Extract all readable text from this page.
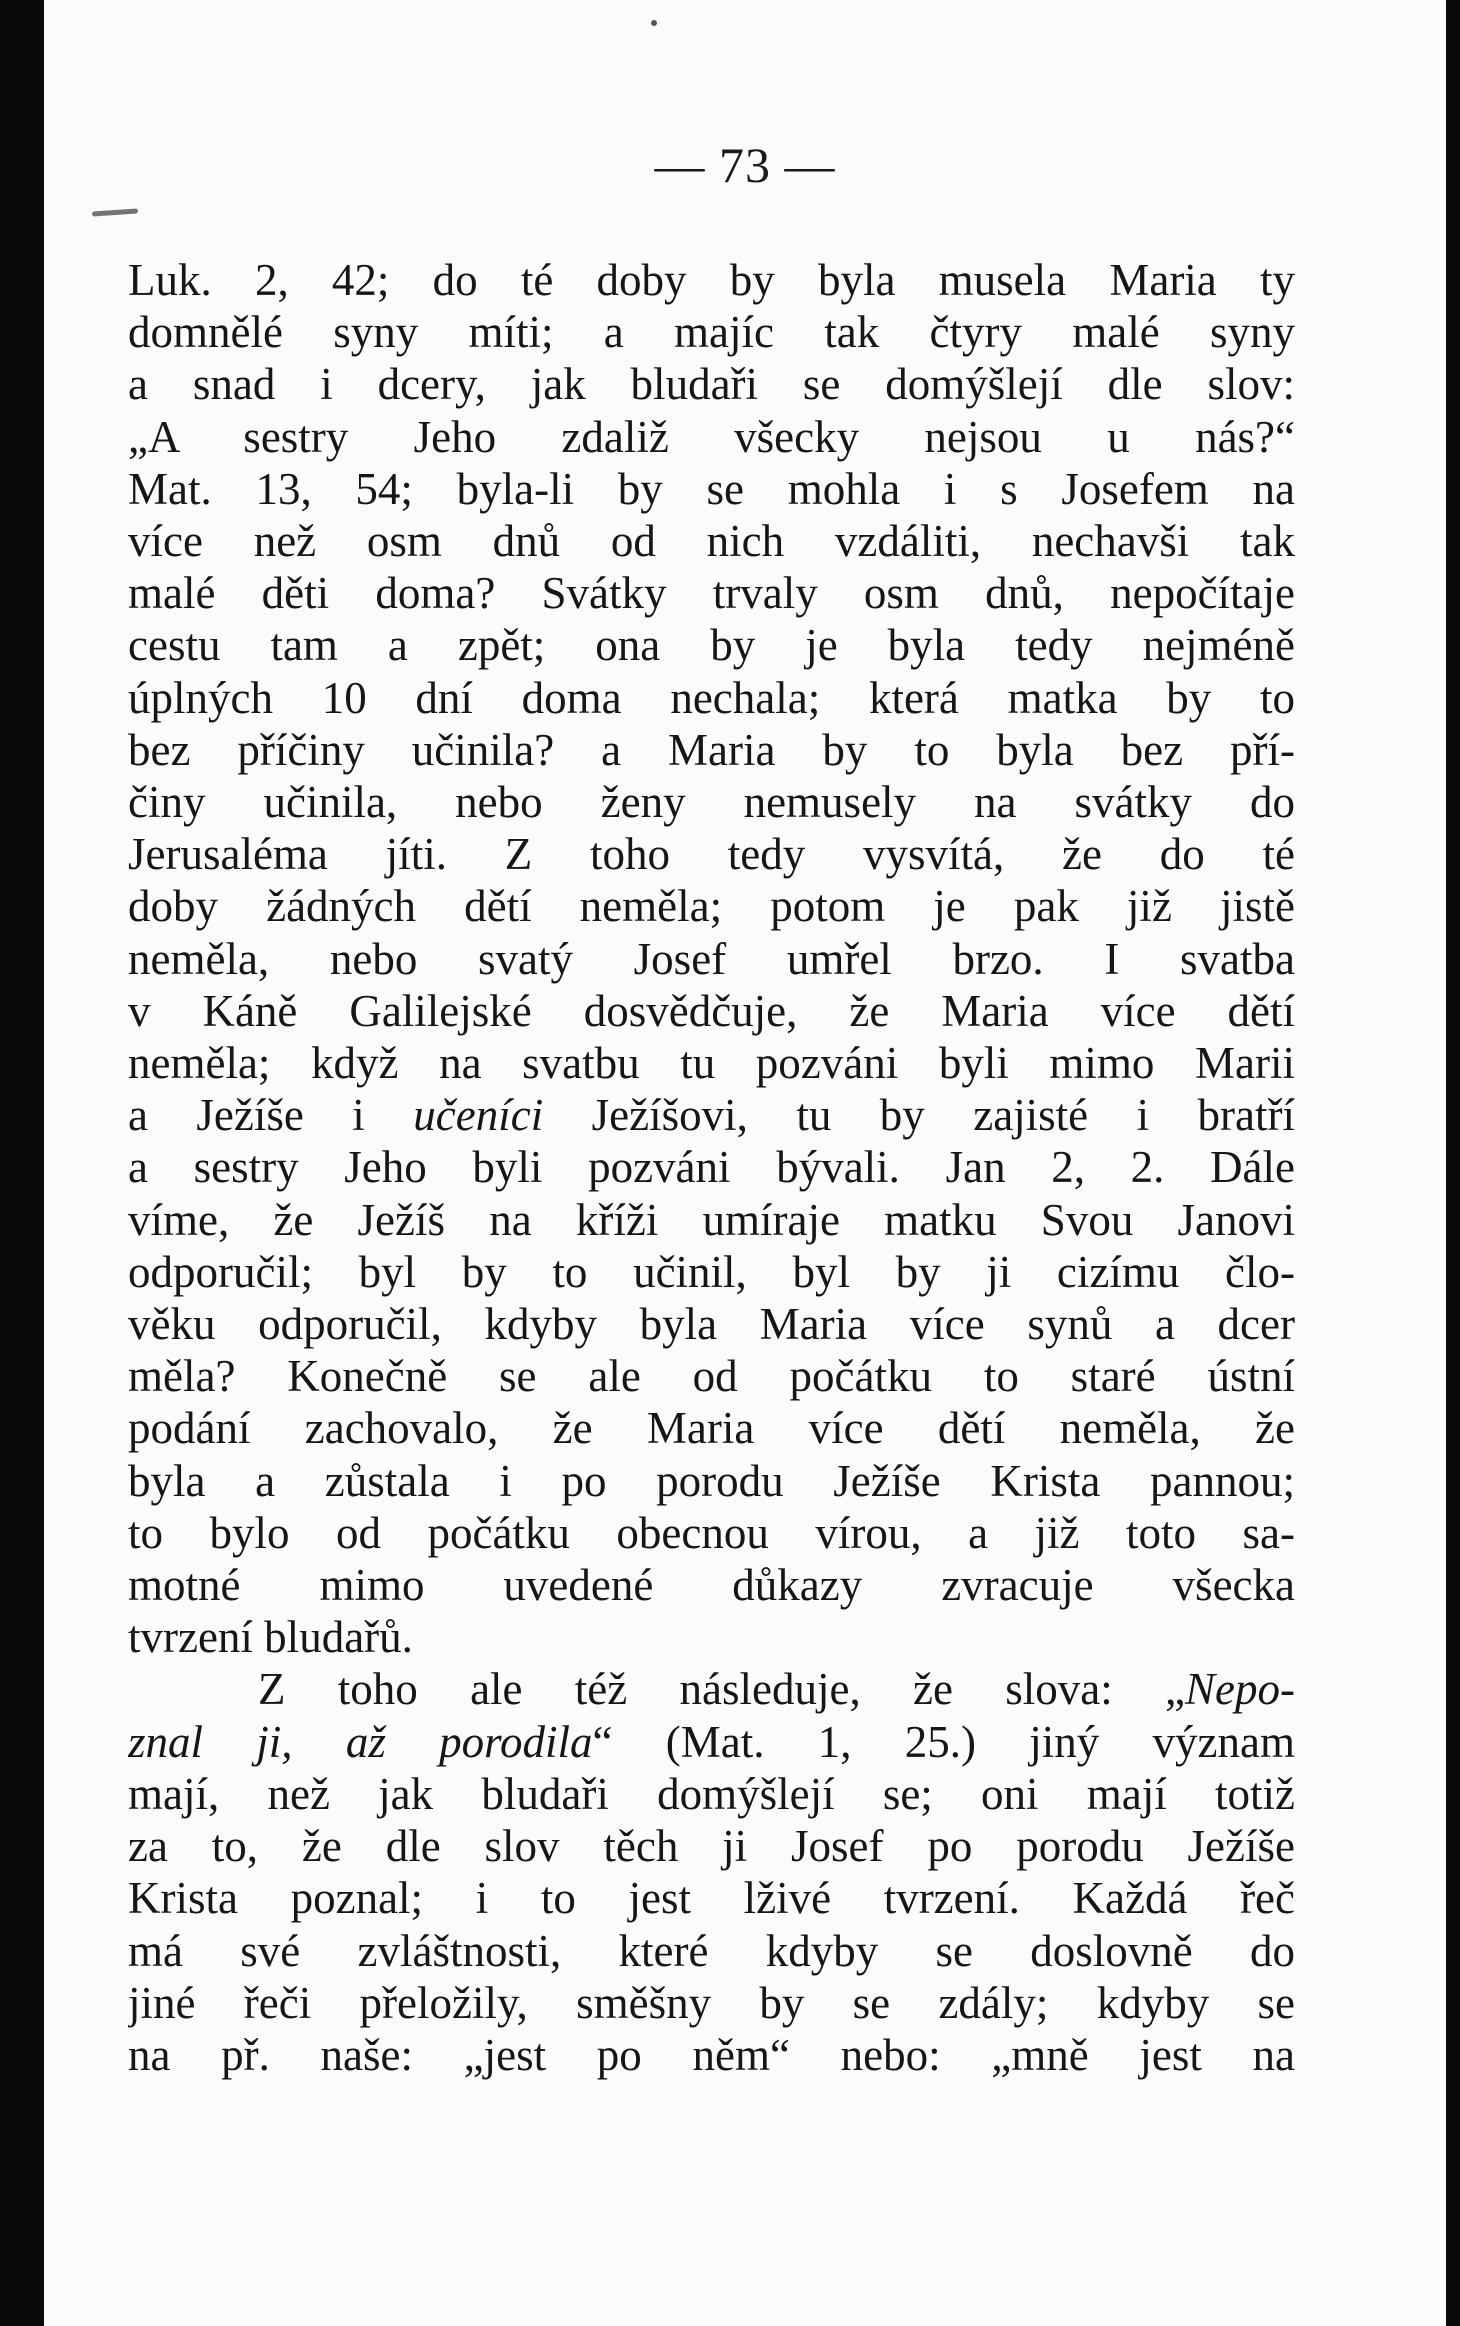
— 73 —
Luk. 2, 42; do té doby by byla musela Maria ty
domnělé syny míti; a majíc tak čtyry malé syny
a snad i dcery, jak bludaři se domýšlejí dle slov:
„A sestry Jeho zdaliž všecky nejsou u nás?“
Mat. 13, 54; byla-li by se mohla i s Josefem na
více než osm dnů od nich vzdáliti, nechavši tak
malé děti doma? Svátky trvaly osm dnů, nepočítaje
cestu tam a zpět; ona by je byla tedy nejméně
úplných 10 dní doma nechala; která matka by to
bez příčiny učinila? a Maria by to byla bez pří-
činy učinila, nebo ženy nemusely na svátky do
Jerusaléma jíti. Z toho tedy vysvítá, že do té
doby žádných dětí neměla; potom je pak již jistě
neměla, nebo svatý Josef umřel brzo. I svatba
v Káně Galilejské dosvědčuje, že Maria více dětí
neměla; když na svatbu tu pozváni byli mimo Marii
a Ježíše i učeníci Ježíšovi, tu by zajisté i bratří
a sestry Jeho byli pozváni bývali. Jan 2, 2. Dále
víme, že Ježíš na kříži umíraje matku Svou Janovi
odporučil; byl by to učinil, byl by ji cizímu člo-
věku odporučil, kdyby byla Maria více synů a dcer
měla? Konečně se ale od počátku to staré ústní
podání zachovalo, že Maria více dětí neměla, že
byla a zůstala i po porodu Ježíše Krista pannou;
to bylo od počátku obecnou vírou, a již toto sa-
motné mimo uvedené důkazy zvracuje všecka
tvrzení bludařů.
Z toho ale též následuje, že slova: „Nepo-
znal ji, až porodila“ (Mat. 1, 25.) jiný význam
mají, než jak bludaři domýšlejí se; oni mají totiž
za to, že dle slov těch ji Josef po porodu Ježíše
Krista poznal; i to jest lživé tvrzení. Každá řeč
má své zvláštnosti, které kdyby se doslovně do
jiné řeči přeložily, směšny by se zdály; kdyby se
na př. naše: „jest po něm“ nebo: „mně jest na
